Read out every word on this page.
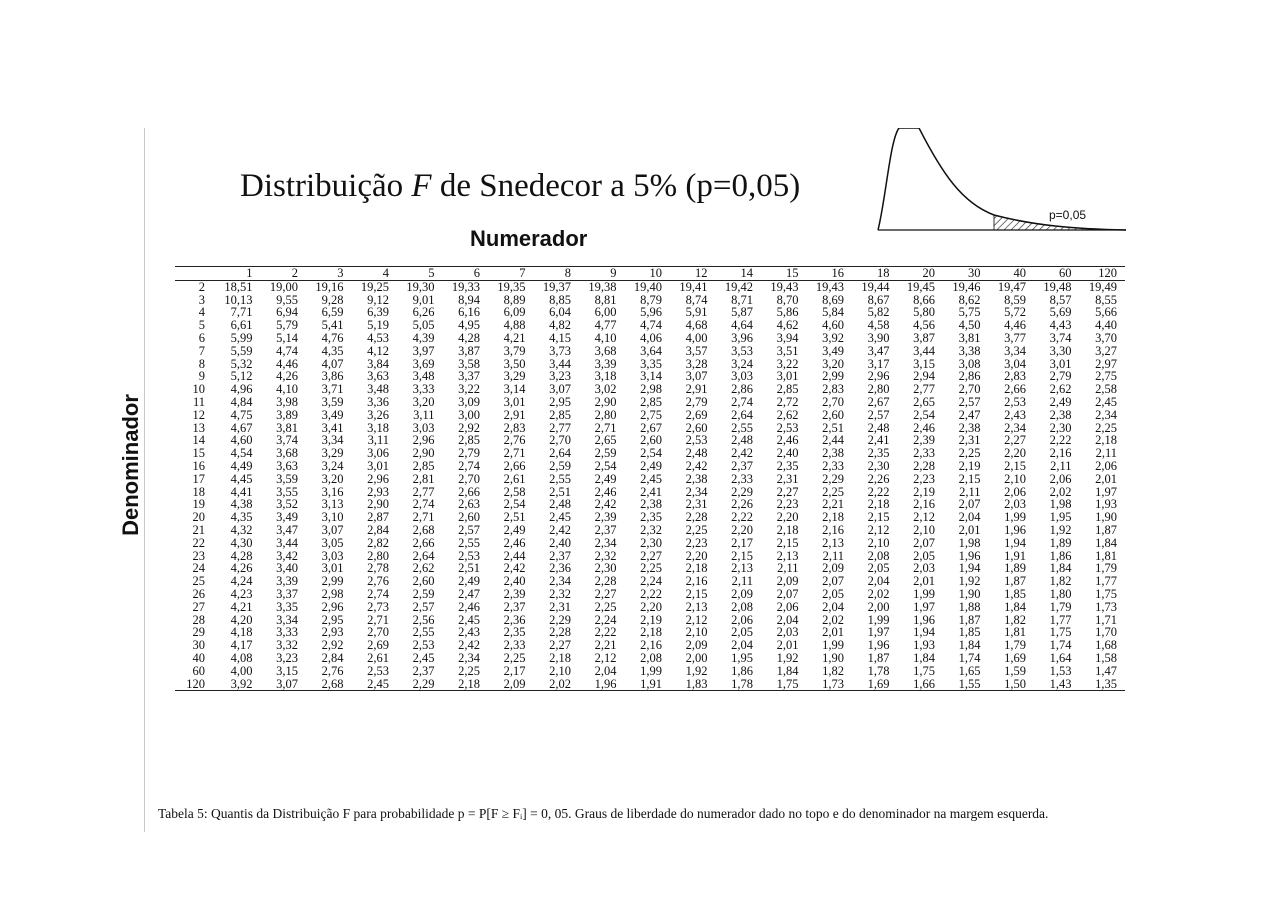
Distribuição F de Snedecor a 5% (p=0,05)
Numerador
Denominador
p=0,05
	1	2	3	4	5	6	7	8	9	10	12	14	15	16	18	20	30	40	60	120
2	18,51	19,00	19,16	19,25	19,30	19,33	19,35	19,37	19,38	19,40	19,41	19,42	19,43	19,43	19,44	19,45	19,46	19,47	19,48	19,49
3	10,13	9,55	9,28	9,12	9,01	8,94	8,89	8,85	8,81	8,79	8,74	8,71	8,70	8,69	8,67	8,66	8,62	8,59	8,57	8,55
4	7,71	6,94	6,59	6,39	6,26	6,16	6,09	6,04	6,00	5,96	5,91	5,87	5,86	5,84	5,82	5,80	5,75	5,72	5,69	5,66
5	6,61	5,79	5,41	5,19	5,05	4,95	4,88	4,82	4,77	4,74	4,68	4,64	4,62	4,60	4,58	4,56	4,50	4,46	4,43	4,40
6	5,99	5,14	4,76	4,53	4,39	4,28	4,21	4,15	4,10	4,06	4,00	3,96	3,94	3,92	3,90	3,87	3,81	3,77	3,74	3,70
7	5,59	4,74	4,35	4,12	3,97	3,87	3,79	3,73	3,68	3,64	3,57	3,53	3,51	3,49	3,47	3,44	3,38	3,34	3,30	3,27
8	5,32	4,46	4,07	3,84	3,69	3,58	3,50	3,44	3,39	3,35	3,28	3,24	3,22	3,20	3,17	3,15	3,08	3,04	3,01	2,97
9	5,12	4,26	3,86	3,63	3,48	3,37	3,29	3,23	3,18	3,14	3,07	3,03	3,01	2,99	2,96	2,94	2,86	2,83	2,79	2,75
10	4,96	4,10	3,71	3,48	3,33	3,22	3,14	3,07	3,02	2,98	2,91	2,86	2,85	2,83	2,80	2,77	2,70	2,66	2,62	2,58
11	4,84	3,98	3,59	3,36	3,20	3,09	3,01	2,95	2,90	2,85	2,79	2,74	2,72	2,70	2,67	2,65	2,57	2,53	2,49	2,45
12	4,75	3,89	3,49	3,26	3,11	3,00	2,91	2,85	2,80	2,75	2,69	2,64	2,62	2,60	2,57	2,54	2,47	2,43	2,38	2,34
13	4,67	3,81	3,41	3,18	3,03	2,92	2,83	2,77	2,71	2,67	2,60	2,55	2,53	2,51	2,48	2,46	2,38	2,34	2,30	2,25
14	4,60	3,74	3,34	3,11	2,96	2,85	2,76	2,70	2,65	2,60	2,53	2,48	2,46	2,44	2,41	2,39	2,31	2,27	2,22	2,18
15	4,54	3,68	3,29	3,06	2,90	2,79	2,71	2,64	2,59	2,54	2,48	2,42	2,40	2,38	2,35	2,33	2,25	2,20	2,16	2,11
16	4,49	3,63	3,24	3,01	2,85	2,74	2,66	2,59	2,54	2,49	2,42	2,37	2,35	2,33	2,30	2,28	2,19	2,15	2,11	2,06
17	4,45	3,59	3,20	2,96	2,81	2,70	2,61	2,55	2,49	2,45	2,38	2,33	2,31	2,29	2,26	2,23	2,15	2,10	2,06	2,01
18	4,41	3,55	3,16	2,93	2,77	2,66	2,58	2,51	2,46	2,41	2,34	2,29	2,27	2,25	2,22	2,19	2,11	2,06	2,02	1,97
19	4,38	3,52	3,13	2,90	2,74	2,63	2,54	2,48	2,42	2,38	2,31	2,26	2,23	2,21	2,18	2,16	2,07	2,03	1,98	1,93
20	4,35	3,49	3,10	2,87	2,71	2,60	2,51	2,45	2,39	2,35	2,28	2,22	2,20	2,18	2,15	2,12	2,04	1,99	1,95	1,90
21	4,32	3,47	3,07	2,84	2,68	2,57	2,49	2,42	2,37	2,32	2,25	2,20	2,18	2,16	2,12	2,10	2,01	1,96	1,92	1,87
22	4,30	3,44	3,05	2,82	2,66	2,55	2,46	2,40	2,34	2,30	2,23	2,17	2,15	2,13	2,10	2,07	1,98	1,94	1,89	1,84
23	4,28	3,42	3,03	2,80	2,64	2,53	2,44	2,37	2,32	2,27	2,20	2,15	2,13	2,11	2,08	2,05	1,96	1,91	1,86	1,81
24	4,26	3,40	3,01	2,78	2,62	2,51	2,42	2,36	2,30	2,25	2,18	2,13	2,11	2,09	2,05	2,03	1,94	1,89	1,84	1,79
25	4,24	3,39	2,99	2,76	2,60	2,49	2,40	2,34	2,28	2,24	2,16	2,11	2,09	2,07	2,04	2,01	1,92	1,87	1,82	1,77
26	4,23	3,37	2,98	2,74	2,59	2,47	2,39	2,32	2,27	2,22	2,15	2,09	2,07	2,05	2,02	1,99	1,90	1,85	1,80	1,75
27	4,21	3,35	2,96	2,73	2,57	2,46	2,37	2,31	2,25	2,20	2,13	2,08	2,06	2,04	2,00	1,97	1,88	1,84	1,79	1,73
28	4,20	3,34	2,95	2,71	2,56	2,45	2,36	2,29	2,24	2,19	2,12	2,06	2,04	2,02	1,99	1,96	1,87	1,82	1,77	1,71
29	4,18	3,33	2,93	2,70	2,55	2,43	2,35	2,28	2,22	2,18	2,10	2,05	2,03	2,01	1,97	1,94	1,85	1,81	1,75	1,70
30	4,17	3,32	2,92	2,69	2,53	2,42	2,33	2,27	2,21	2,16	2,09	2,04	2,01	1,99	1,96	1,93	1,84	1,79	1,74	1,68
40	4,08	3,23	2,84	2,61	2,45	2,34	2,25	2,18	2,12	2,08	2,00	1,95	1,92	1,90	1,87	1,84	1,74	1,69	1,64	1,58
60	4,00	3,15	2,76	2,53	2,37	2,25	2,17	2,10	2,04	1,99	1,92	1,86	1,84	1,82	1,78	1,75	1,65	1,59	1,53	1,47
120	3,92	3,07	2,68	2,45	2,29	2,18	2,09	2,02	1,96	1,91	1,83	1,78	1,75	1,73	1,69	1,66	1,55	1,50	1,43	1,35
Tabela 5: Quantis da Distribuição F para probabilidade p = P[F ≥ Fᵢ] = 0, 05. Graus de liberdade do numerador dado no topo e do denominador na margem esquerda.
